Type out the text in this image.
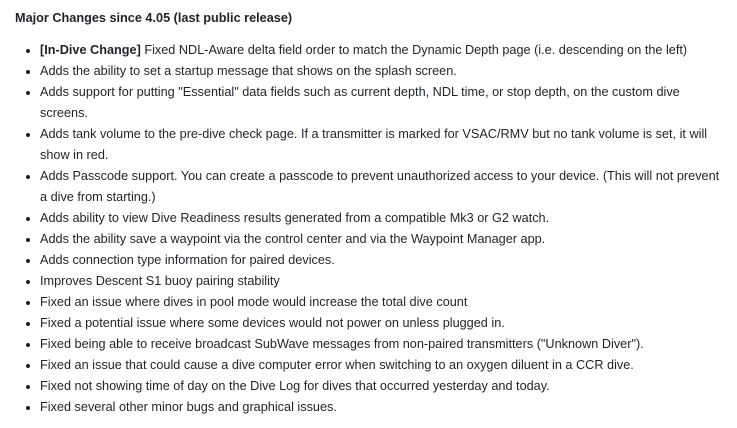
Major Changes since 4.05 (last public release)
[In-Dive Change] Fixed NDL-Aware delta field order to match the Dynamic Depth page (i.e. descending on the left)
Adds the ability to set a startup message that shows on the splash screen.
Adds support for putting "Essential" data fields such as current depth, NDL time, or stop depth, on the custom dive screens.
Adds tank volume to the pre-dive check page. If a transmitter is marked for VSAC/RMV but no tank volume is set, it will show in red.
Adds Passcode support. You can create a passcode to prevent unauthorized access to your device. (This will not prevent a dive from starting.)
Adds ability to view Dive Readiness results generated from a compatible Mk3 or G2 watch.
Adds the ability save a waypoint via the control center and via the Waypoint Manager app.
Adds connection type information for paired devices.
Improves Descent S1 buoy pairing stability
Fixed an issue where dives in pool mode would increase the total dive count
Fixed a potential issue where some devices would not power on unless plugged in.
Fixed being able to receive broadcast SubWave messages from non-paired transmitters ("Unknown Diver").
Fixed an issue that could cause a dive computer error when switching to an oxygen diluent in a CCR dive.
Fixed not showing time of day on the Dive Log for dives that occurred yesterday and today.
Fixed several other minor bugs and graphical issues.
